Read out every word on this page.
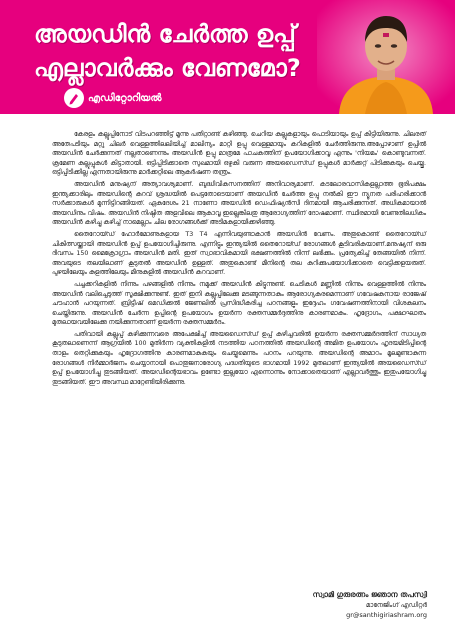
അയഡിൻ ചേർത്ത ഉപ്പ്
എല്ലാവർക്കും വേണമോ?
എഡിറ്റോറിയൽ

കേരളം കല്ലുപ്പിനോട് വിടപറഞ്ഞിട്ട് മൂന്നു പതിറ്റാണ്ട് കഴിഞ്ഞു. ചെറിയ കല്ലുകളായും പൊടിയായും ഉപ്പ് കിട്ടിയിരുന്നു. ചിലരത് അതേപടിയും മറ്റു ചിലർ വെള്ളത്തിലലിയിച്ച് മാലിന്യം മാറ്റി ഉപ്പു വെള്ളമായും കറികളിൽ ചേർത്തിരുന്നു.അപ്പോഴാണ് ഉപ്പിൽ അയഡിൻ ചേർക്കുന്നത് നല്ലതാണെന്നും അയഡിൻ ഉപ്പു മാത്രമേ പാചകത്തിന് ഉപയോഗിക്കാവൂ എന്നും 'നിയമം' കൊണ്ടുവന്നത്. ക്രമേണ കല്ലുപ്പുകൾ കിട്ടാതായി. ഒട്ടിപ്പിടിക്കാതെ സുഖമായി ഒഴുകി വരുന്ന അയഡൈസ്ഡ് ഉപ്പുകൾ മാർക്കറ്റ് പിടിക്കുകയും ചെയ്തു. ഒട്ടിപ്പിടിക്കില്ല എന്നതായിരുന്നു മാർക്കറ്റിലെ ആകർഷണ തന്ത്രം.

അയഡിൻ മനുഷ്യന് അത്യാവശ്യമാണ്. ബുദ്ധിവികസനത്തിന് അനിവാര്യമാണ്. കടലോരവാസികളല്ലാത്ത ഭൂരിപക്ഷം ഇന്ത്യക്കാരിലും അയഡിന്റെ കുറവ് ശ്രദ്ധയിൽ പെട്ടതോടെയാണ് അയഡിൻ ചേർത്ത ഉപ്പു നൽകി ഈ ന്യൂനത പരിഹരിക്കാൻ സർക്കാരുകൾ മുന്നിട്ടിറങ്ങിയത്. ഏകദേശം 21 നാണോ അയഡിൻ ഡെഫിഷ്യൻസി ദിനമായി ആചരിക്കുന്നത്. അധികമായാൽ അയഡിനും വിഷം. അയഡിൻ നിഷ്ഠിത അളവിലെ ആകാവൂ ഇല്ലെങ്കിലതു ആരോഗ്യത്തിന് ദോഷമാണ്. സ്ഥിരമായി വേണ്ടതിലധികം അയഡിൻ കഴിച്ചു കഴിച്ച് നാമെല്ലാം ചില രോഗങ്ങൾക്ക് അടിമകളായിക്കഴിഞ്ഞു.

തൈറോയ്ഡ് ഹോർമോണുകളായ T3 T4 എന്നിവയുണ്ടാകാൻ അയഡിൻ വേണം. അതുകൊണ്ട് തൈറോയ്ഡ് ചികിത്സയ്ക്കായി അയഡിൻ ഉപ്പ് ഉപയോഗിച്ചിരുന്നു. എന്നിട്ടും ഇന്ത്യയിൽ തൈറോയ്ഡ് രോഗങ്ങൾ കൂടിവരികയാണ്.മനുഷ്യന് ഒരു ദിവസം 150 മൈക്രോഗ്രാം അയഡിൻ മതി. ഇത് സ്വാഭാവികമായി ഭക്ഷണത്തിൽ നിന്ന് ലഭിക്കും. പ്രത്യേകിച്ച് തേങ്ങയിൽ നിന്ന്. അവയുടെ തലയിലാണ് കൂടുതൽ അയഡിൻ ഉള്ളത്. അതുകൊണ്ട് മീനിന്റെ തല കറിക്കുപയോഗിക്കാതെ വെട്ടിക്കളയരുത്. പുഴയിലേയും കുളത്തിലേയും മീനുകളിൽ അയഡിൻ കുറവാണ്.

പച്ചക്കറികളിൽ നിന്നും പഴങ്ങളിൽ നിന്നും നമുക്ക് അയഡിൻ കിട്ടുന്നുണ്ട്. ചെടികൾ മണ്ണിൽ നിന്നും വെള്ളത്തിൽ നിന്നും അയഡിൻ വലിച്ചെടുത്ത് സൂക്ഷിക്കുന്നുണ്ട്. ഇത് ഇനി കല്ലുപ്പിലേക്കു മടങ്ങുന്നതാകും ആരോഗ്യകരമെന്നാണ് ഗവേഷകനായ രാജേഷ് ചൗഹാൻ പറയുന്നത്. ബ്രിട്ടീഷ് മെഡിക്കൽ ജേണലിൽ പ്രസിദ്ധീകരിച്ച പഠനങ്ങളും ഇദ്ദേഹം ഗവേഷണത്തിനായി വിശകലനം ചെയ്തിരുന്നു. അയഡിൻ ചേർന്ന ഉപ്പിന്റെ ഉപയോഗം ഉയർന്ന രക്തസമ്മർദ്ദത്തിനു കാരണമാകും. ഹൃദ്രോഗം, പക്ഷാഘാതം മുതലായവയിലേക്കു നയിക്കുന്നതാണ് ഉയർന്ന രക്തസമ്മർദം.

പതിവായി കല്ലുപ്പ് കഴിക്കുന്നവരെ അപേക്ഷിച്ച് അയഡൈസ്ഡ് ഉപ്പ് കഴിച്ചവരിൽ ഉയർന്ന രക്തസമ്മർദത്തിന് സാധ്യത കൂടുതലാണെന്ന് ആഗ്രയിൽ 100 മുതിർന്ന വ്യക്തികളിൽ നടത്തിയ പഠനത്തിൽ അയഡിന്റെ അമിത ഉപയോഗം ഹൃദയമിടിപ്പിന്റെ താളം തെറ്റിക്കുകയും ഹൃദ്രോഗത്തിനു കാരണമാകുകയും ചെയ്യുമെന്നും പഠനം പറയുന്നു. അയഡിന്റെ അമാഠം മൂലമുണ്ടാകുന്ന രോഗങ്ങൾ നിർമ്മാർജനം ചെയ്യാനായി പൊതുജനാരോഗ്യ പദ്ധതിയുടെ ഭാഗമായി 1992 മുതലാണ് ഇന്ത്യയിൽ അയഡൈസ്ഡ് ഉപ്പ് ഉപയോഗിച്ചു തുടങ്ങിയത്. അയഡിന്റെയഭാവം ഉണ്ടോ ഇല്ലയോ എന്നൊന്നും നോക്കാതെയാണ് എല്ലാവർത്തും ഇതുപയോഗിച്ചു തുടങ്ങിയത്. ഈ അവസ്ഥ മാറ്റേണ്ടിയിരിക്കുന്നു.

സ്വാമി ഗുരുരത്നം ജ്ഞാന തപസ്വി
മാനേജിംഗ് എഡിറ്റർ
gr@santhigiriashram.org
